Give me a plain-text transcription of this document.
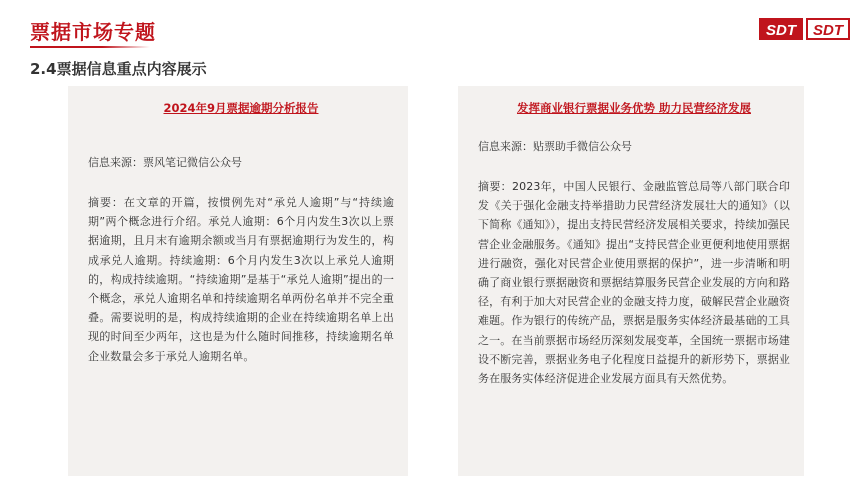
票据市场专题
2.4票据信息重点内容展示
SDT	SDT
2024年9月票据逾期分析报告
信息来源：票风笔记微信公众号
摘要：在文章的开篇，按惯例先对“承兑人逾期”与“持续逾期”两个概念进行介绍。承兑人逾期：6个月内发生3次以上票据逾期，且月末有逾期余额或当月有票据逾期行为发生的，构成承兑人逾期。持续逾期：6个月内发生3次以上承兑人逾期的，构成持续逾期。“持续逾期”是基于“承兑人逾期”提出的一个概念，承兑人逾期名单和持续逾期名单两份名单并不完全重叠。需要说明的是，构成持续逾期的企业在持续逾期名单上出现的时间至少两年，这也是为什么随时间推移，持续逾期名单企业数量会多于承兑人逾期名单。
发挥商业银行票据业务优势 助力民营经济发展
信息来源：贴票助手微信公众号
摘要：2023年，中国人民银行、金融监管总局等八部门联合印发《关于强化金融支持举措助力民营经济发展壮大的通知》（以下简称《通知》），提出支持民营经济发展相关要求，持续加强民营企业金融服务。《通知》提出“支持民营企业更便利地使用票据进行融资，强化对民营企业使用票据的保护”，进一步清晰和明确了商业银行票据融资和票据结算服务民营企业发展的方向和路径，有利于加大对民营企业的金融支持力度，破解民营企业融资难题。作为银行的传统产品，票据是服务实体经济最基础的工具之一。在当前票据市场经历深刻发展变革，全国统一票据市场建设不断完善，票据业务电子化程度日益提升的新形势下，票据业务在服务实体经济促进企业发展方面具有天然优势。
